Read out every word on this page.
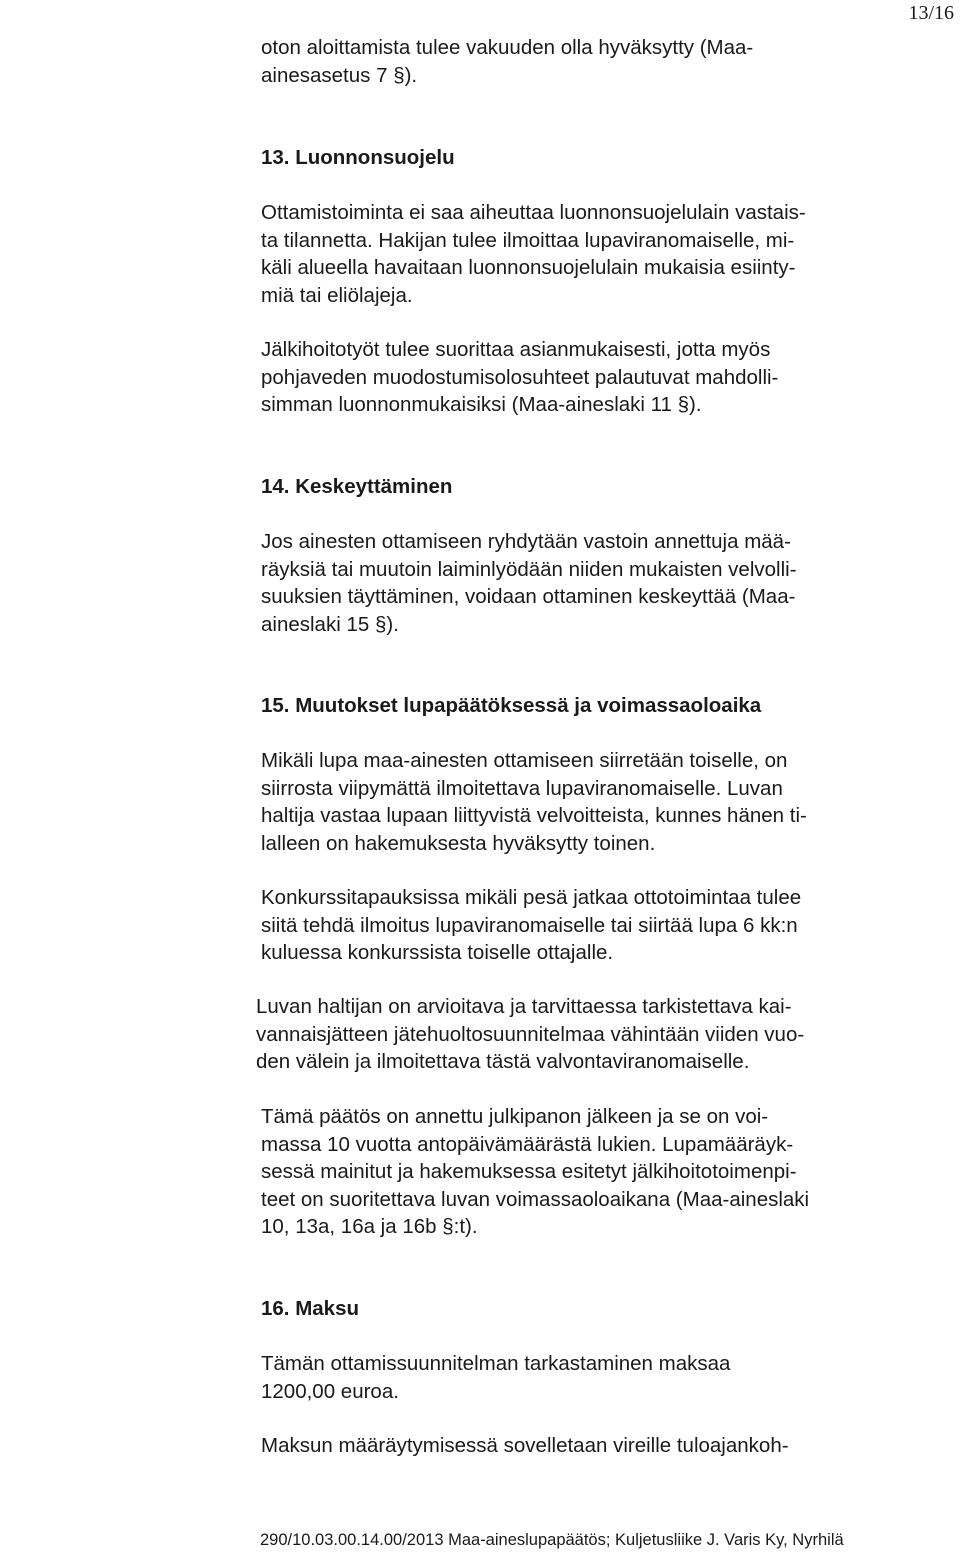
13/16

oton aloittamista tulee vakuuden olla hyväksytty (Maa-

ainesasetus 7 §).

13. Luonnonsuojelu

Ottamistoiminta ei saa aiheuttaa luonnonsuojelulain vastais-

ta tilannetta. Hakijan tulee ilmoittaa lupaviranomaiselle, mi-

käli alueella havaitaan luonnonsuojelulain mukaisia esiinty-

miä tai eliölajeja.

Jälkihoitotyöt tulee suorittaa asianmukaisesti, jotta myös

pohjaveden muodostumisolosuhteet palautuvat mahdolli-

simman luonnonmukaisiksi (Maa-aineslaki 11 §).

14. Keskeyttäminen

Jos ainesten ottamiseen ryhdytään vastoin annettuja mää-

räyksiä tai muutoin laiminlyödään niiden mukaisten velvolli-

suuksien täyttäminen, voidaan ottaminen keskeyttää (Maa-

aineslaki 15 §).

15. Muutokset lupapäätöksessä ja voimassaoloaika

Mikäli lupa maa-ainesten ottamiseen siirretään toiselle, on

siirrosta viipymättä ilmoitettava lupaviranomaiselle. Luvan

haltija vastaa lupaan liittyvistä velvoitteista, kunnes hänen ti-

lalleen on hakemuksesta hyväksytty toinen.

Konkurssitapauksissa mikäli pesä jatkaa ottotoimintaa tulee

siitä tehdä ilmoitus lupaviranomaiselle tai siirtää lupa 6 kk:n

kuluessa konkurssista toiselle ottajalle.

Luvan haltijan on arvioitava ja tarvittaessa tarkistettava kai-

vannaisjätteen jätehuoltosuunnitelmaa vähintään viiden vuo-

den välein ja ilmoitettava tästä valvontaviranomaiselle.

Tämä päätös on annettu julkipanon jälkeen ja se on voi-

massa 10 vuotta antopäivämäärästä lukien. Lupamääräyk-

sessä mainitut ja hakemuksessa esitetyt jälkihoitotoimenpi-

teet on suoritettava luvan voimassaoloaikana (Maa-aineslaki

10, 13a, 16a ja 16b §:t).

16. Maksu

Tämän ottamissuunnitelman tarkastaminen maksaa

1200,00 euroa.

Maksun määräytymisessä sovelletaan vireille tuloajankoh-

290/10.03.00.14.00/2013 Maa-aineslupapäätös; Kuljetusliike J. Varis Ky, Nyrhilä
